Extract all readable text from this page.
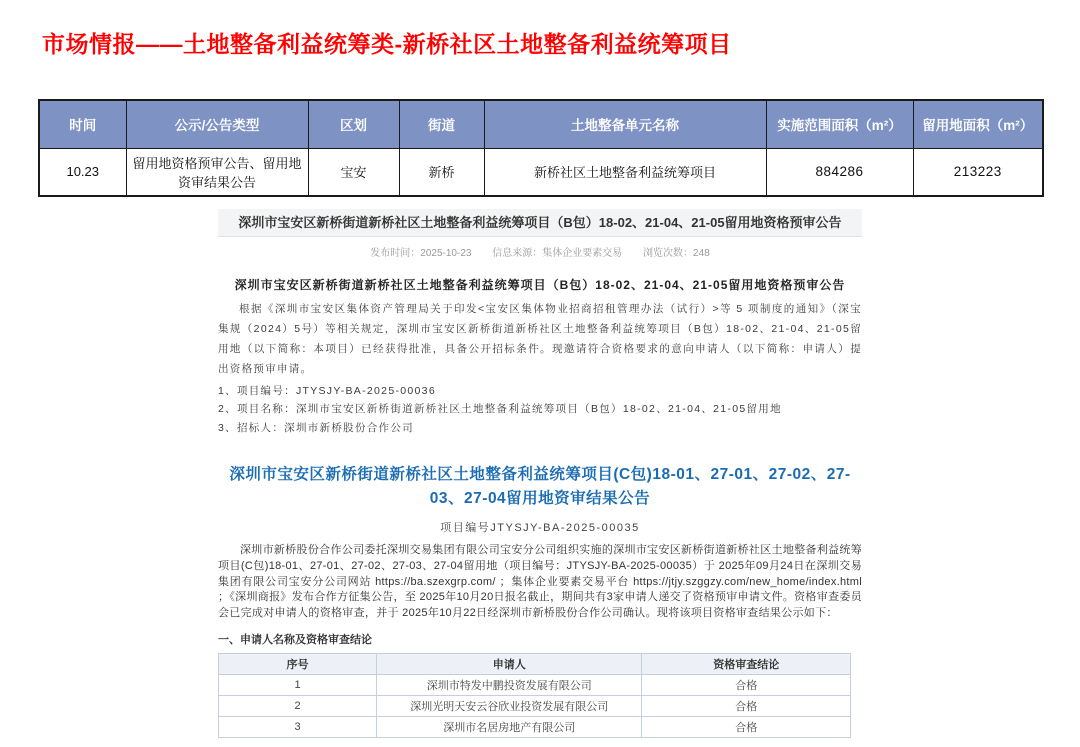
市场情报——土地整备利益统筹类-新桥社区土地整备利益统筹项目
时间	公示/公告类型	区划	街道	土地整备单元名称	实施范围面积（m²）	留用地面积（m²）
10.23	留用地资格预审公告、留用地资审结果公告	宝安	新桥	新桥社区土地整备利益统筹项目	884286	213223
深圳市宝安区新桥街道新桥社区土地整备利益统筹项目（B包）18-02、21-04、21-05留用地资格预审公告
发布时间：2025-10-23 信息来源：集体企业要素交易 浏览次数：248
深圳市宝安区新桥街道新桥社区土地整备利益统筹项目（B包）18-02、21-04、21-05留用地资格预审公告
根据《深圳市宝安区集体资产管理局关于印发<宝安区集体物业招商招租管理办法（试行）>等 5 项制度的通知》（深宝集规（2024）5号）等相关规定，深圳市宝安区新桥街道新桥社区土地整备利益统筹项目（B包）18-02、21-04、21-05留用地（以下简称：本项目）已经获得批准，具备公开招标条件。现邀请符合资格要求的意向申请人（以下简称：申请人）提出资格预审申请。
1、项目编号：JTYSJY-BA-2025-00036
2、项目名称：深圳市宝安区新桥街道新桥社区土地整备利益统筹项目（B包）18-02、21-04、21-05留用地
3、招标人：深圳市新桥股份合作公司
深圳市宝安区新桥街道新桥社区土地整备利益统筹项目(C包)18-01、27-01、27-02、27-03、27-04留用地资审结果公告
项目编号JTYSJY-BA-2025-00035
深圳市新桥股份合作公司委托深圳交易集团有限公司宝安分公司组织实施的深圳市宝安区新桥街道新桥社区土地整备利益统筹项目(C包)18-01、27-01、27-02、27-03、27-04留用地（项目编号：JTYSJY-BA-2025-00035）于 2025年09月24日在深圳交易集团有限公司宝安分公司网站 https://ba.szexgrp.com/ ；集体企业要素交易平台 https://jtjy.szggzy.com/new_home/index.html ；《深圳商报》发布合作方征集公告，至 2025年10月20日报名截止，期间共有3家申请人递交了资格预审申请文件。资格审查委员会已完成对申请人的资格审查，并于 2025年10月22日经深圳市新桥股份合作公司确认。现将该项目资格审查结果公示如下：
一、申请人名称及资格审查结论
序号	申请人	资格审查结论
1	深圳市特发中鹏投资发展有限公司	合格
2	深圳光明天安云谷欣业投资发展有限公司	合格
3	深圳市名居房地产有限公司	合格
